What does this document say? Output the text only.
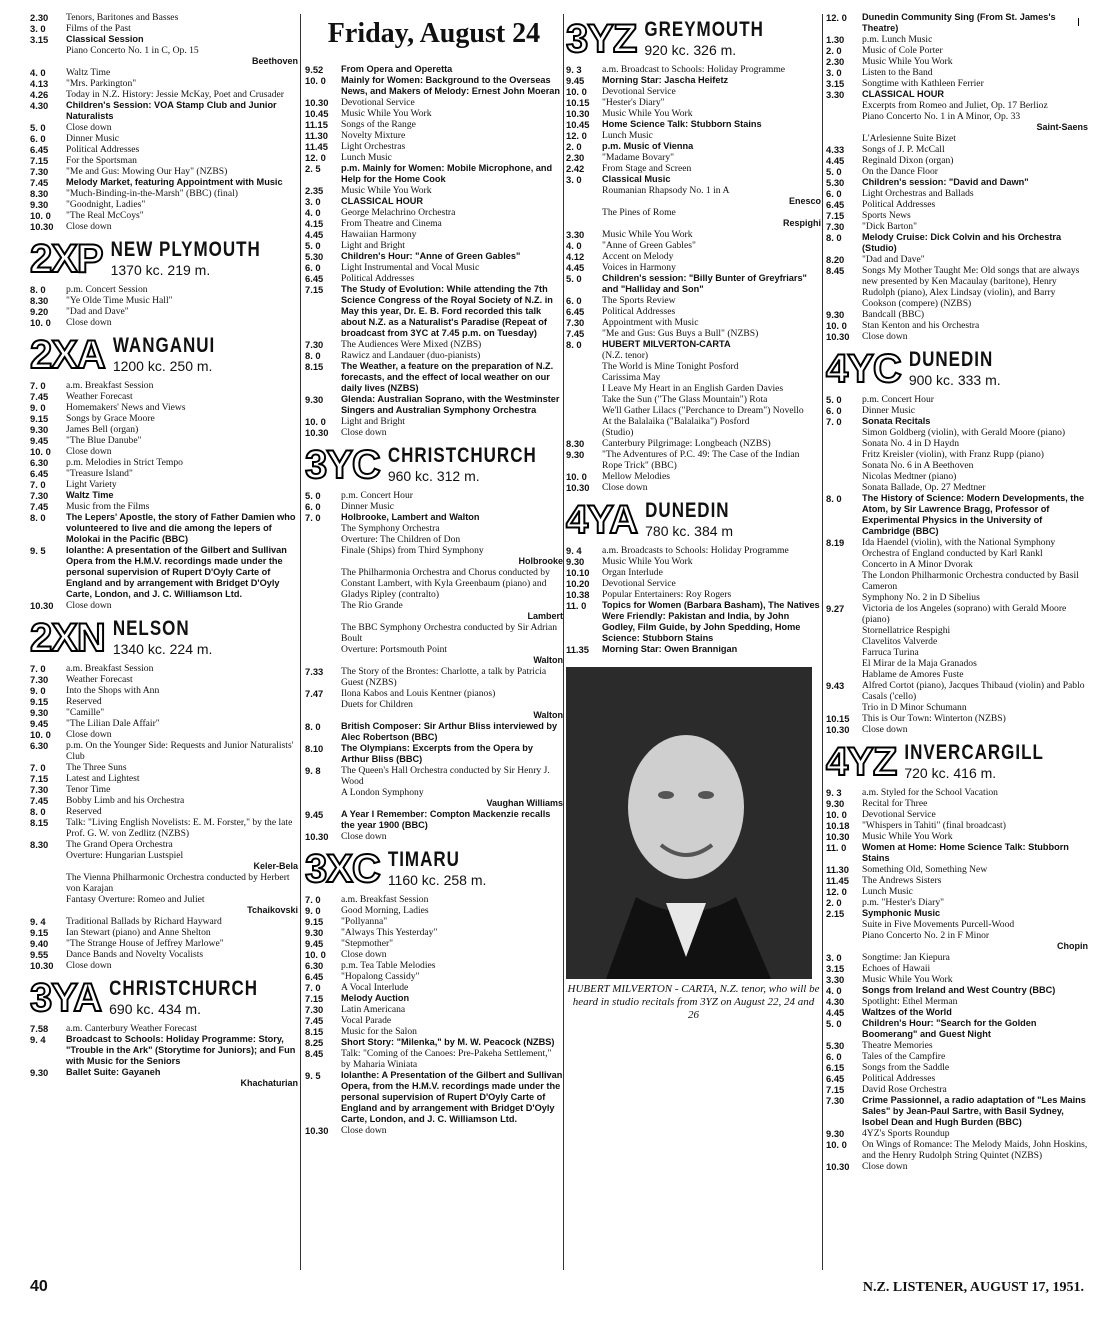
2.30	Tenors, Baritones and Basses
3. 0	Films of the Past
3.15	Classical Session
Piano Concerto No. 1 in C, Op. 15
Beethoven
4. 0	Waltz Time
4.13	"Mrs. Parkington"
4.26	Today in N.Z. History: Jessie McKay, Poet and Crusader
4.30	Children's Session: VOA Stamp Club and Junior Naturalists
5. 0	Close down
6. 0	Dinner Music
6.45	Political Addresses
7.15	For the Sportsman
7.30	"Me and Gus: Mowing Our Hay" (NZBS)
7.45	Melody Market, featuring Appointment with Music
8.30	"Much-Binding-in-the-Marsh" (BBC) (final)
9.30	"Goodnight, Ladies"
10. 0	"The Real McCoys"
10.30	Close down
2XP NEW PLYMOUTH
1370 kc. 219 m.
8. 0	p.m. Concert Session
8.30	"Ye Olde Time Music Hall"
9.20	"Dad and Dave"
10. 0	Close down
2XA WANGANUI
1200 kc. 250 m.
7. 0	a.m. Breakfast Session
7.45	Weather Forecast
9. 0	Homemakers' News and Views
9.15	Songs by Grace Moore
9.30	James Bell (organ)
9.45	"The Blue Danube"
10. 0	Close down
6.30	p.m. Melodies in Strict Tempo
6.45	"Treasure Island"
7. 0	Light Variety
7.30	Waltz Time
7.45	Music from the Films
8. 0	The Lepers' Apostle, the story of Father Damien who volunteered to live and die among the lepers of Molokai in the Pacific (BBC)
9. 5	Iolanthe: A presentation of the Gilbert and Sullivan Opera from the H.M.V. recordings made under the personal supervision of Rupert D'Oyly Carte of England and by arrangement with Bridget D'Oyly Carte, London, and J. C. Williamson Ltd.
10.30	Close down
2XN NELSON
1340 kc. 224 m.
7. 0	a.m. Breakfast Session
7.30	Weather Forecast
9. 0	Into the Shops with Ann
9.15	Reserved
9.30	"Camille"
9.45	"The Lilian Dale Affair"
10. 0	Close down
6.30	p.m. On the Younger Side: Requests and Junior Naturalists' Club
7. 0	The Three Suns
7.15	Latest and Lightest
7.30	Tenor Time
7.45	Bobby Limb and his Orchestra
8. 0	Reserved
8.15	Talk: "Living English Novelists: E. M. Forster," by the late Prof. G. W. von Zedlitz (NZBS)
8.30	The Grand Opera Orchestra
Overture: Hungarian Lustspiel
Keler-Bela
The Vienna Philharmonic Orchestra conducted by Herbert von Karajan
Fantasy Overture: Romeo and Juliet
Tchaikovski
9. 4	Traditional Ballads by Richard Hayward
9.15	Ian Stewart (piano) and Anne Shelton
9.40	"The Strange House of Jeffrey Marlowe"
9.55	Dance Bands and Novelty Vocalists
10.30	Close down
3YA CHRISTCHURCH
690 kc. 434 m.
7.58	a.m. Canterbury Weather Forecast
9. 4	Broadcast to Schools: Holiday Programme: Story, "Trouble in the Ark" (Storytime for Juniors); and Fun with Music for the Seniors
9.30	Ballet Suite: Gayaneh
Khachaturian
Friday, August 24
9.52	From Opera and Operetta
10. 0	Mainly for Women: Background to the Overseas News, and Makers of Melody: Ernest John Moeran
10.30	Devotional Service
10.45	Music While You Work
11.15	Songs of the Range
11.30	Novelty Mixture
11.45	Light Orchestras
12. 0	Lunch Music
2. 5	p.m. Mainly for Women: Mobile Microphone, and Help for the Home Cook
2.35	Music While You Work
3. 0	CLASSICAL HOUR
4. 0	George Melachrino Orchestra
4.15	From Theatre and Cinema
4.45	Hawaiian Harmony
5. 0	Light and Bright
5.30	Children's Hour: "Anne of Green Gables"
6. 0	Light Instrumental and Vocal Music
6.45	Political Addresses
7.15	The Study of Evolution: While attending the 7th Science Congress of the Royal Society of N.Z. in May this year, Dr. E. B. Ford recorded this talk about N.Z. as a Naturalist's Paradise (Repeat of broadcast from 3YC at 7.45 p.m. on Tuesday)
7.30	The Audiences Were Mixed (NZBS)
8. 0	Rawicz and Landauer (duo-pianists)
8.15	The Weather, a feature on the preparation of N.Z. forecasts, and the effect of local weather on our daily lives (NZBS)
9.30	Glenda: Australian Soprano, with the Westminster Singers and Australian Symphony Orchestra
10. 0	Light and Bright
10.30	Close down
3YC CHRISTCHURCH
960 kc. 312 m.
5. 0	p.m. Concert Hour
6. 0	Dinner Music
7. 0	Holbrooke, Lambert and Walton
The Symphony Orchestra
Overture: The Children of Don
Finale (Ships) from Third Symphony
Holbrooke
The Philharmonia Orchestra and Chorus conducted by Constant Lambert, with Kyla Greenbaum (piano) and Gladys Ripley (contralto)
The Rio Grande
Lambert
The BBC Symphony Orchestra conducted by Sir Adrian Boult
Overture: Portsmouth Point
Walton
7.33	The Story of the Brontes: Charlotte, a talk by Patricia Guest (NZBS)
7.47	Ilona Kabos and Louis Kentner (pianos)
Duets for Children
Walton
8. 0	British Composer: Sir Arthur Bliss interviewed by Alec Robertson (BBC)
8.10	The Olympians: Excerpts from the Opera by Arthur Bliss (BBC)
9. 8	The Queen's Hall Orchestra conducted by Sir Henry J. Wood
A London Symphony
Vaughan Williams
9.45	A Year I Remember: Compton Mackenzie recalls the year 1900 (BBC)
10.30	Close down
3XC TIMARU
1160 kc. 258 m.
7. 0	a.m. Breakfast Session
9. 0	Good Morning, Ladies
9.15	"Pollyanna"
9.30	"Always This Yesterday"
9.45	"Stepmother"
10. 0	Close down
6.30	p.m. Tea Table Melodies
6.45	"Hopalong Cassidy"
7. 0	A Vocal Interlude
7.15	Melody Auction
7.30	Latin Americana
7.45	Vocal Parade
8.15	Music for the Salon
8.25	Short Story: "Milenka," by M. W. Peacock (NZBS)
8.45	Talk: "Coming of the Canoes: Pre-Pakeha Settlement," by Maharia Winiata
9. 5	Iolanthe: A Presentation of the Gilbert and Sullivan Opera, from the H.M.V. recordings made under the personal supervision of Rupert D'Oyly Carte of England and by arrangement with Bridget D'Oyly Carte, London, and J. C. Williamson Ltd.
10.30	Close down
3YZ GREYMOUTH
920 kc. 326 m.
9. 3	a.m. Broadcast to Schools: Holiday Programme
9.45	Morning Star: Jascha Heifetz
10. 0	Devotional Service
10.15	"Hester's Diary"
10.30	Music While You Work
10.45	Home Science Talk: Stubborn Stains
12. 0	Lunch Music
2. 0	p.m. Music of Vienna
2.30	"Madame Bovary"
2.42	From Stage and Screen
3. 0	Classical Music
Roumanian Rhapsody No. 1 in A
Enesco
The Pines of Rome
Respighi
3.30	Music While You Work
4. 0	"Anne of Green Gables"
4.12	Accent on Melody
4.45	Voices in Harmony
5. 0	Children's session: "Billy Bunter of Greyfriars" and "Halliday and Son"
6. 0	The Sports Review
6.45	Political Addresses
7.30	Appointment with Music
7.45	"Me and Gus: Gus Buys a Bull" (NZBS)
8. 0	HUBERT MILVERTON-CARTA
(N.Z. tenor)
The World is Mine Tonight Posford
Carissima May
I Leave My Heart in an English Garden Davies
Take the Sun ("The Glass Mountain") Rota
We'll Gather Lilacs ("Perchance to Dream") Novello
At the Balalaika ("Balalaika") Posford
(Studio)
8.30	Canterbury Pilgrimage: Longbeach (NZBS)
9.30	"The Adventures of P.C. 49: The Case of the Indian Rope Trick" (BBC)
10. 0	Mellow Melodies
10.30	Close down
4YA DUNEDIN
780 kc. 384 m
9. 4	a.m. Broadcasts to Schools: Holiday Programme
9.30	Music While You Work
10.10	Organ Interlude
10.20	Devotional Service
10.38	Popular Entertainers: Roy Rogers
11. 0	Topics for Women (Barbara Basham), The Natives Were Friendly: Pakistan and India, by John Godley, Film Guide, by John Spedding, Home Science: Stubborn Stains
11.35	Morning Star: Owen Brannigan
HUBERT MILVERTON - CARTA, N.Z. tenor, who will be heard in studio recitals from 3YZ on August 22, 24 and 26
12. 0	Dunedin Community Sing (From St. James's Theatre)
1.30	p.m. Lunch Music
2. 0	Music of Cole Porter
2.30	Music While You Work
3. 0	Listen to the Band
3.15	Songtime with Kathleen Ferrier
3.30	CLASSICAL HOUR
Excerpts from Romeo and Juliet, Op. 17 Berlioz
Piano Concerto No. 1 in A Minor, Op. 33
Saint-Saens
L'Arlesienne Suite Bizet
4.33	Songs of J. P. McCall
4.45	Reginald Dixon (organ)
5. 0	On the Dance Floor
5.30	Children's session: "David and Dawn"
6. 0	Light Orchestras and Ballads
6.45	Political Addresses
7.15	Sports News
7.30	"Dick Barton"
8. 0	Melody Cruise: Dick Colvin and his Orchestra (Studio)
8.20	"Dad and Dave"
8.45	Songs My Mother Taught Me: Old songs that are always new presented by Ken Macaulay (baritone), Henry Rudolph (piano), Alex Lindsay (violin), and Barry Cookson (compere) (NZBS)
9.30	Bandcall (BBC)
10. 0	Stan Kenton and his Orchestra
10.30	Close down
4YC DUNEDIN
900 kc. 333 m.
5. 0	p.m. Concert Hour
6. 0	Dinner Music
7. 0	Sonata Recitals
Simon Goldberg (violin), with Gerald Moore (piano)
Sonata No. 4 in D Haydn
Fritz Kreisler (violin), with Franz Rupp (piano)
Sonata No. 6 in A Beethoven
Nicolas Medtner (piano)
Sonata Ballade, Op. 27 Medtner
8. 0	The History of Science: Modern Developments, the Atom, by Sir Lawrence Bragg, Professor of Experimental Physics in the University of Cambridge (BBC)
8.19	Ida Haendel (violin), with the National Symphony Orchestra of England conducted by Karl Rankl
Concerto in A Minor Dvorak
The London Philharmonic Orchestra conducted by Basil Cameron
Symphony No. 2 in D Sibelius
9.27	Victoria de los Angeles (soprano) with Gerald Moore (piano)
Stornellatrice Respighi
Clavelitos Valverde
Farruca Turina
El Mirar de la Maja Granados
Hablame de Amores Fuste
9.43	Alfred Cortot (piano), Jacques Thibaud (violin) and Pablo Casals ('cello)
Trio in D Minor Schumann
10.15	This is Our Town: Winterton (NZBS)
10.30	Close down
4YZ INVERCARGILL
720 kc. 416 m.
9. 3	a.m. Styled for the School Vacation
9.30	Recital for Three
10. 0	Devotional Service
10.18	"Whispers in Tahiti" (final broadcast)
10.30	Music While You Work
11. 0	Women at Home: Home Science Talk: Stubborn Stains
11.30	Something Old, Something New
11.45	The Andrews Sisters
12. 0	Lunch Music
2. 0	p.m. "Hester's Diary"
2.15	Symphonic Music
Suite in Five Movements Purcell-Wood
Piano Concerto No. 2 in F Minor
Chopin
3. 0	Songtime: Jan Kiepura
3.15	Echoes of Hawaii
3.30	Music While You Work
4. 0	Songs from Ireland and West Country (BBC)
4.30	Spotlight: Ethel Merman
4.45	Waltzes of the World
5. 0	Children's Hour: "Search for the Golden Boomerang" and Guest Night
5.30	Theatre Memories
6. 0	Tales of the Campfire
6.15	Songs from the Saddle
6.45	Political Addresses
7.15	David Rose Orchestra
7.30	Crime Passionnel, a radio adaptation of "Les Mains Sales" by Jean-Paul Sartre, with Basil Sydney, Isobel Dean and Hugh Burden (BBC)
9.30	4YZ's Sports Roundup
10. 0	On Wings of Romance: The Melody Maids, John Hoskins, and the Henry Rudolph String Quintet (NZBS)
10.30	Close down
40	N.Z. LISTENER, AUGUST 17, 1951.
